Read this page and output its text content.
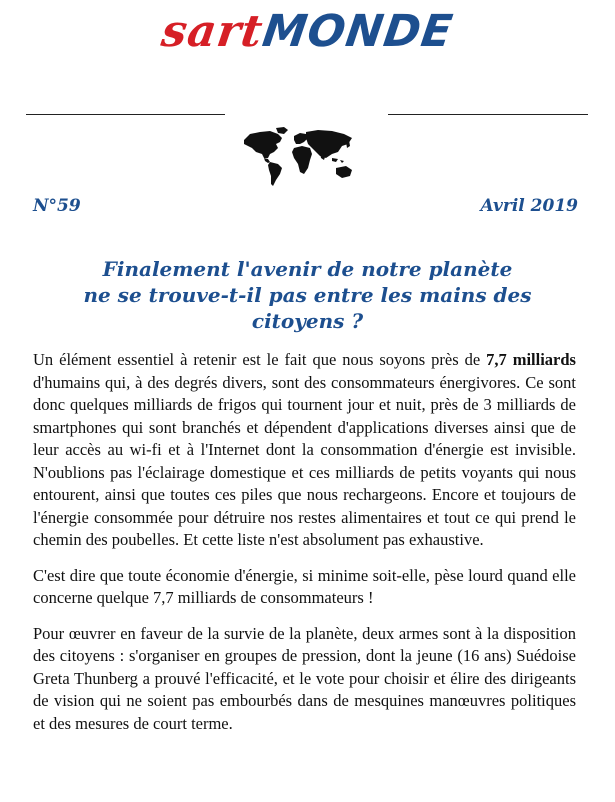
sartMONDE
N°59	Avril 2019
Finalement l'avenir de notre planète
ne se trouve-t-il pas entre les mains des
citoyens ?

Un élément essentiel à retenir est le fait que nous soyons près de 7,7 milliards d'humains qui, à des degrés divers, sont des consommateurs énergivores. Ce sont donc quelques milliards de frigos qui tournent jour et nuit, près de 3 milliards de smartphones qui sont branchés et dépendent d'applications diverses ainsi que de leur accès au wi-fi et à l'Internet dont la consommation d'énergie est invisible. N'oublions pas l'éclairage domestique et ces milliards de petits voyants qui nous entourent, ainsi que toutes ces piles que nous rechargeons. Encore et toujours de l'énergie consommée pour détruire nos restes alimentaires et tout ce qui prend le chemin des poubelles. Et cette liste n'est absolument pas exhaustive.

C'est dire que toute économie d'énergie, si minime soit-elle, pèse lourd quand elle concerne quelque 7,7 milliards de consommateurs !

Pour œuvrer en faveur de la survie de la planète, deux armes sont à la disposition des citoyens : s'organiser en groupes de pression, dont la jeune (16 ans) Suédoise Greta Thunberg a prouvé l'efficacité, et le vote pour choisir et élire des dirigeants de vision qui ne soient pas embourbés dans de mesquines manœuvres politiques et des mesures de court terme.
